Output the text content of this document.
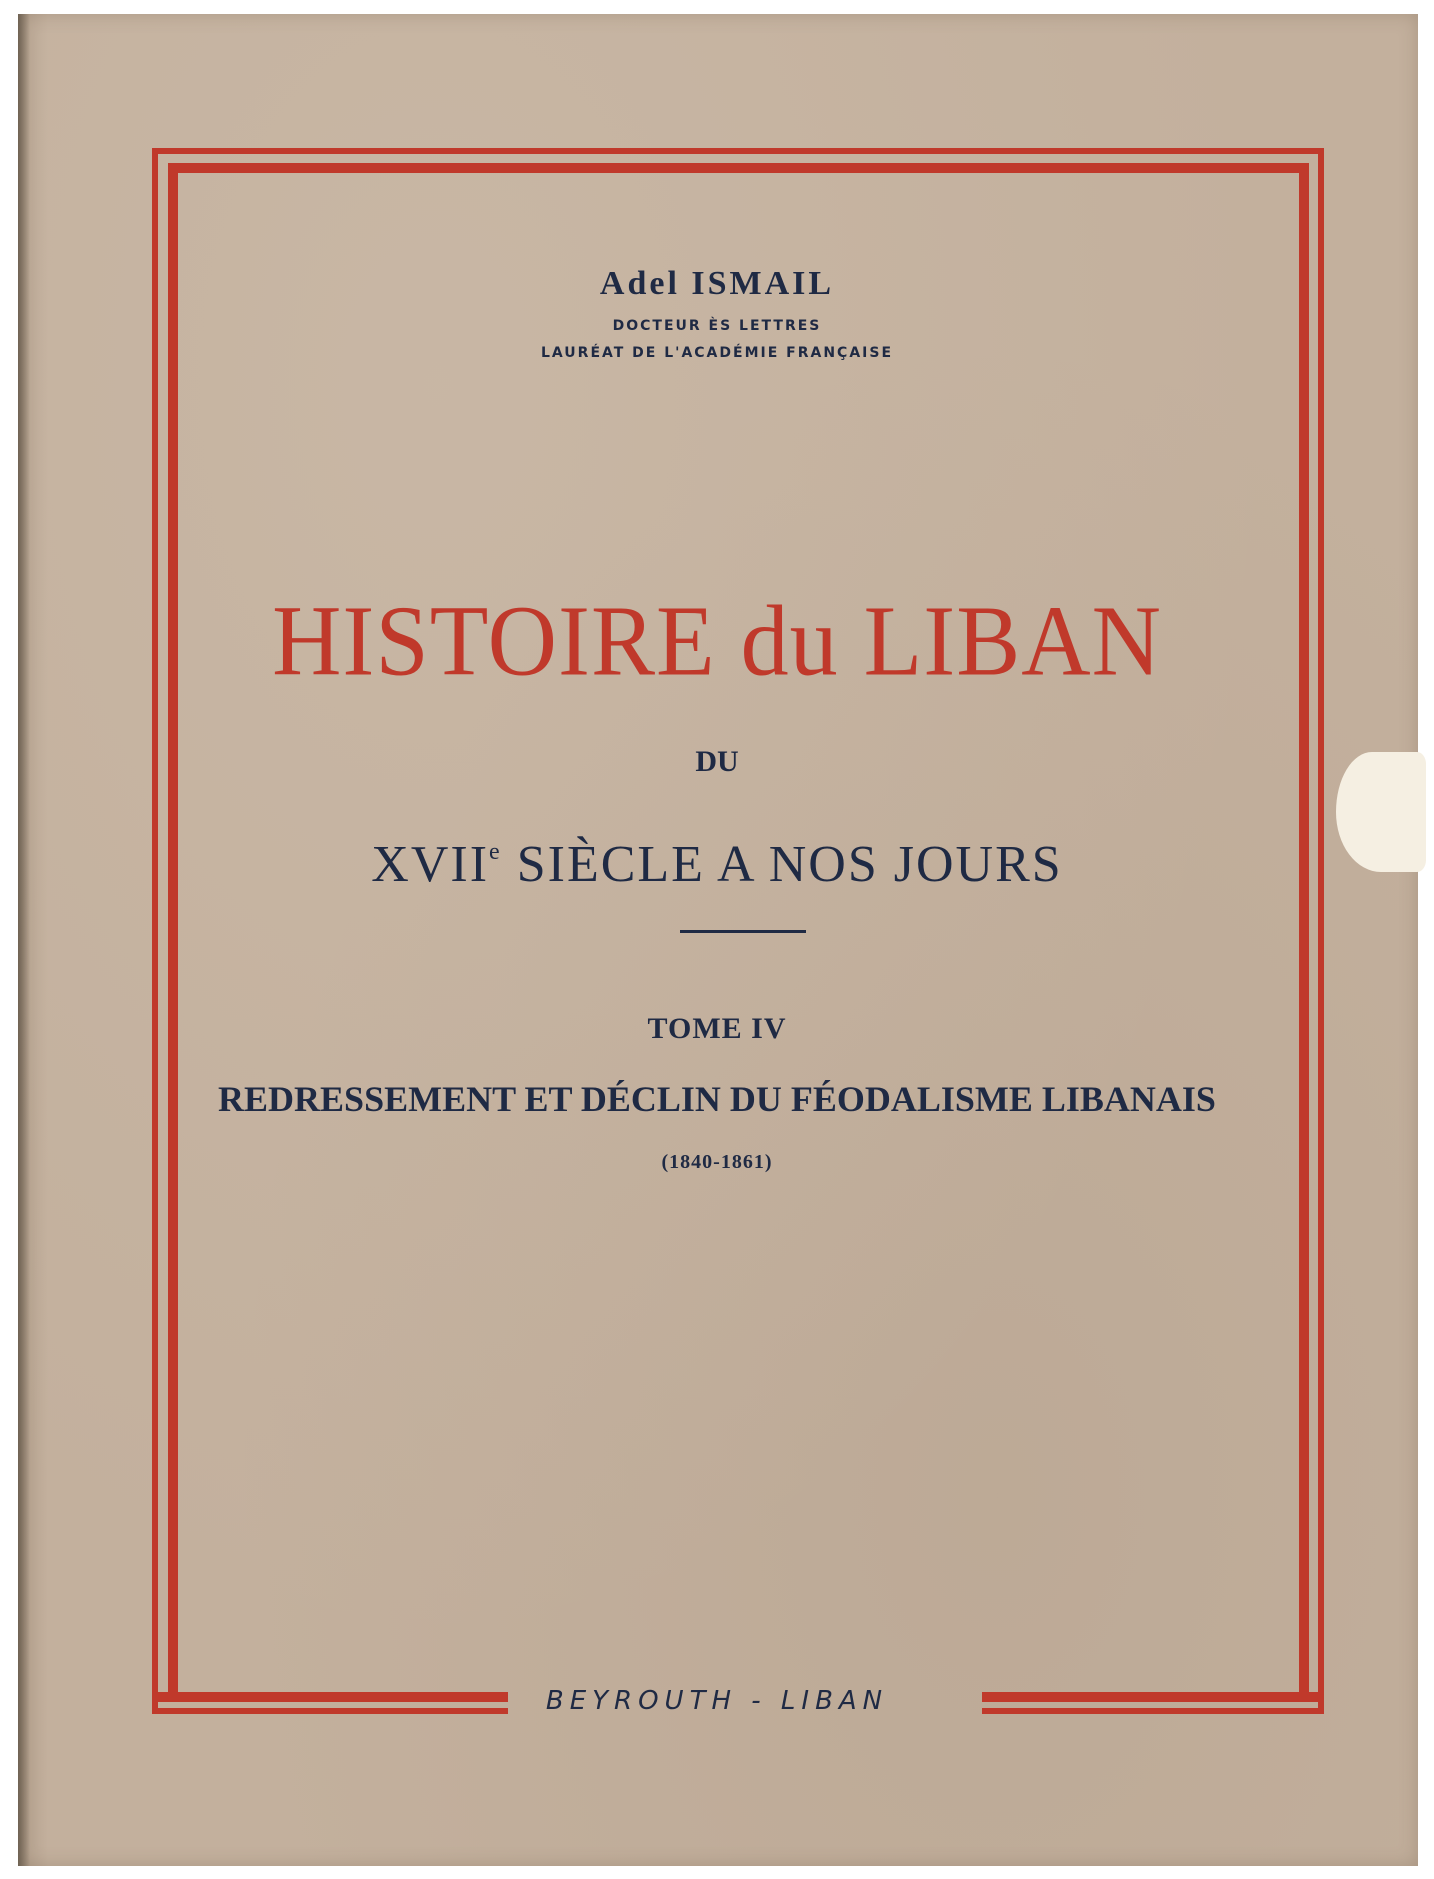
Adel ISMAIL
DOCTEUR ÈS LETTRES
LAURÉAT DE L'ACADÉMIE FRANÇAISE
HISTOIRE du LIBAN
DU
XVIIe SIÈCLE A NOS JOURS
TOME IV
REDRESSEMENT ET DÉCLIN DU FÉODALISME LIBANAIS
(1840-1861)
BEYROUTH - LIBAN
